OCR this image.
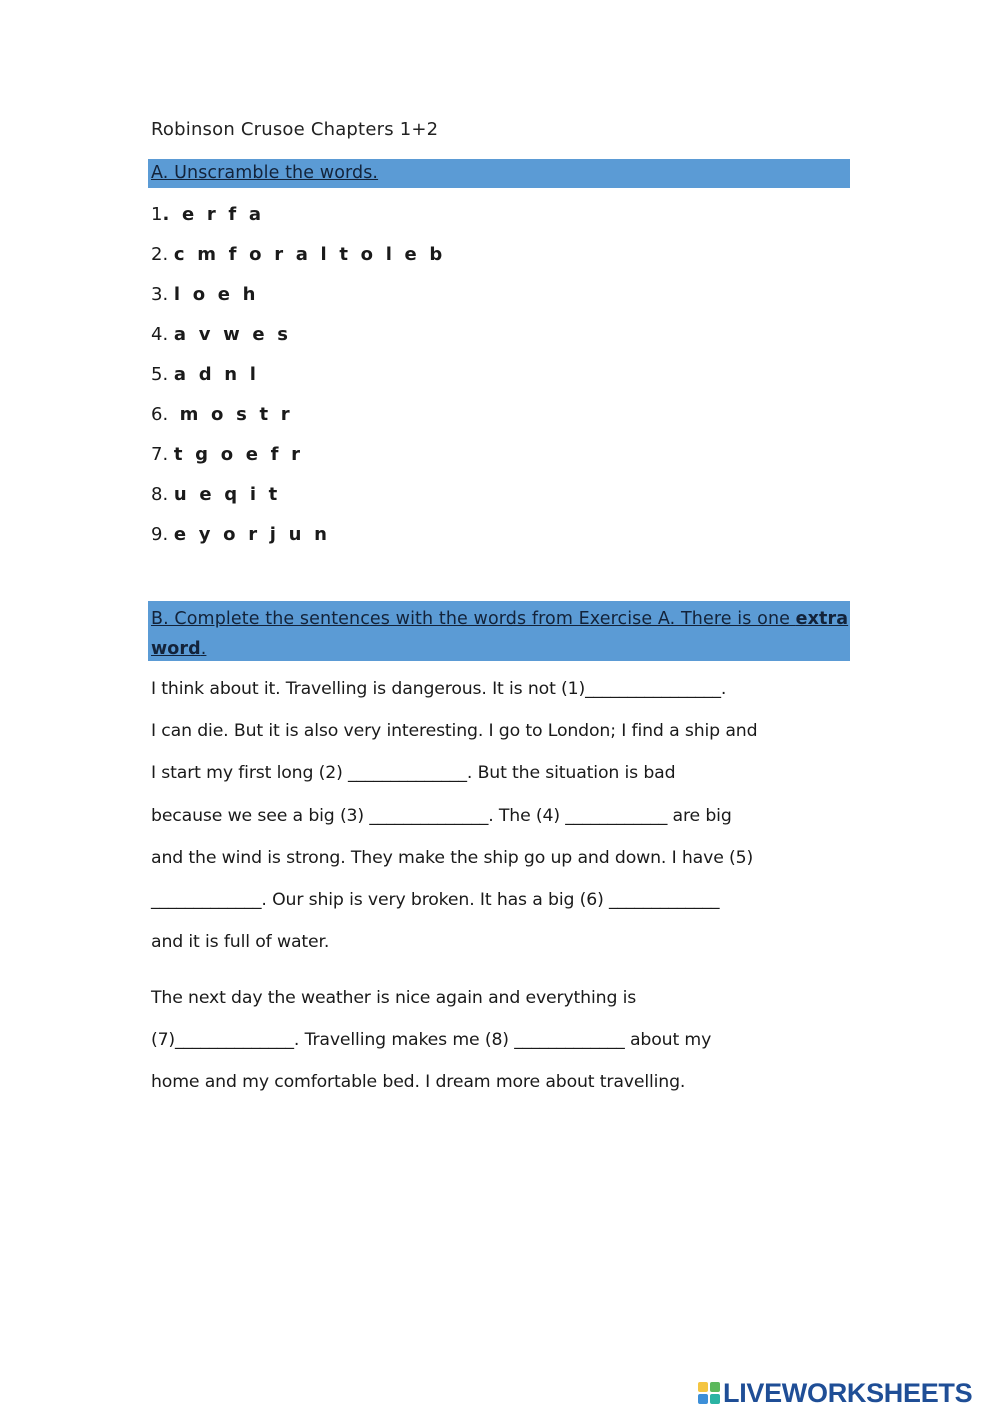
Robinson Crusoe Chapters 1+2
A. Unscramble the words.
1. e r f a
2. c m f o r a l t o l e b
3. l o e h
4. a v w e s
5. a d n l
6.  m o s t r
7. t g o e f r
8. u e q i t
9. e y o r j u n
B. Complete the sentences with the words from Exercise A. There is one extra word.
I think about it. Travelling is dangerous. It is not (1)________________.
I can die. But it is also very interesting. I go to London; I find a ship and
I start my first long (2) ______________. But the situation is bad
because we see a big (3) ______________. The (4) ____________ are big
and the wind is strong. They make the ship go up and down. I have (5)
_____________. Our ship is very broken. It has a big (6) _____________
and it is full of water.
The next day the weather is nice again and everything is
(7)______________. Travelling makes me (8) _____________ about my
home and my comfortable bed. I dream more about travelling.
LIVEWORKSHEETS
